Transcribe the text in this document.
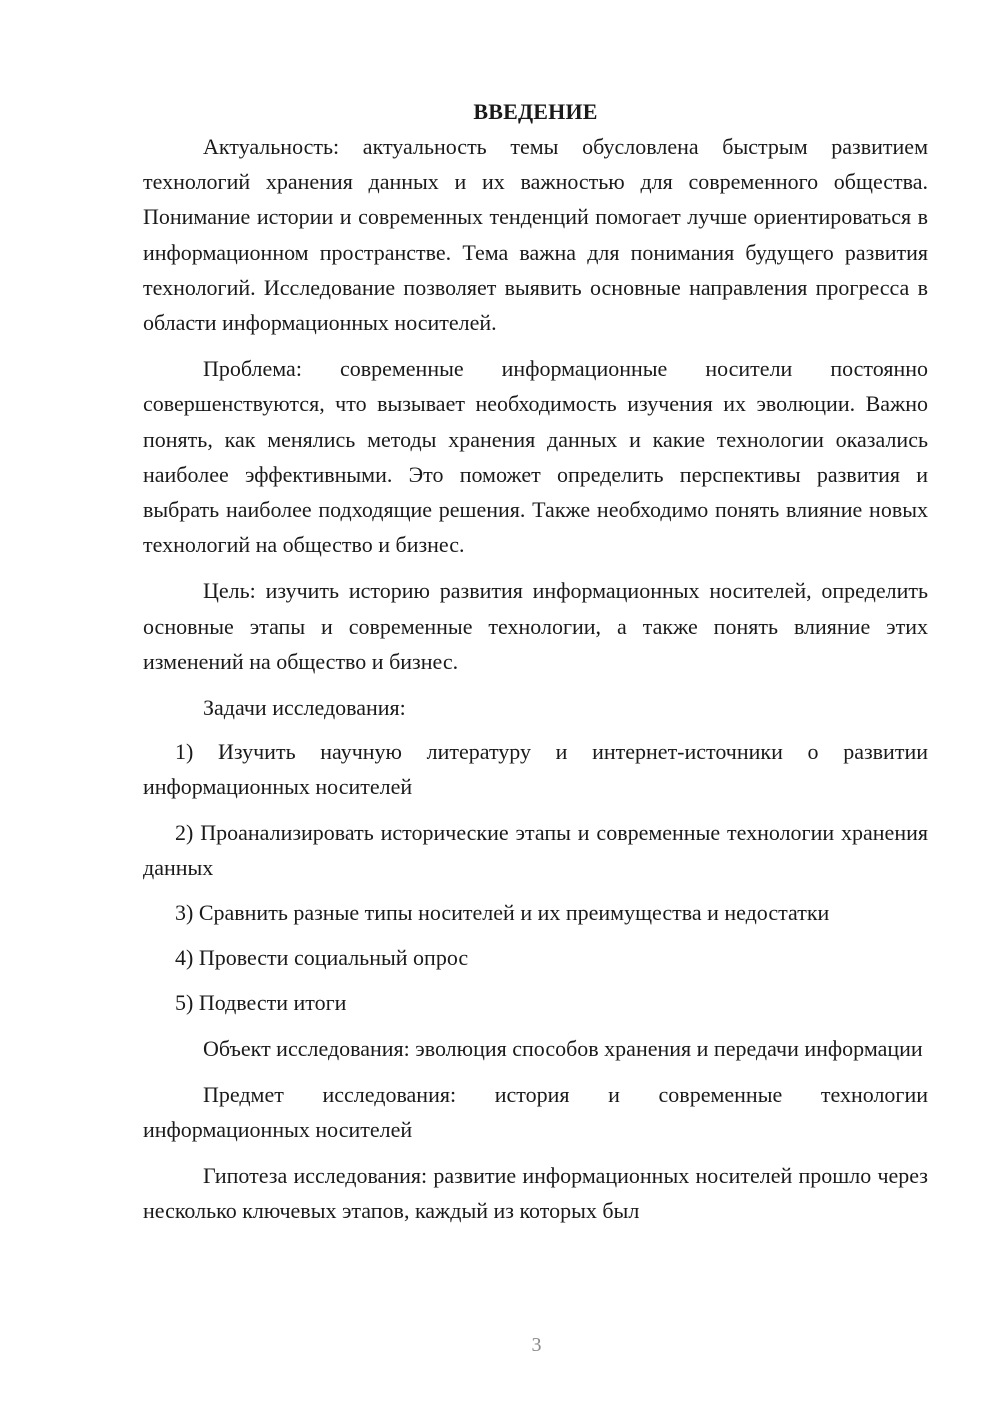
ВВЕДЕНИЕ

Актуальность: актуальность темы обусловлена быстрым развитием технологий хранения данных и их важностью для современного общества. Понимание истории и современных тенденций помогает лучше ориентироваться в информационном пространстве. Тема важна для понимания будущего развития технологий. Исследование позволяет выявить основные направления прогресса в области информационных носителей.

Проблема: современные информационные носители постоянно совершенствуются, что вызывает необходимость изучения их эволюции. Важно понять, как менялись методы хранения данных и какие технологии оказались наиболее эффективными. Это поможет определить перспективы развития и выбрать наиболее подходящие решения. Также необходимо понять влияние новых технологий на общество и бизнес.

Цель: изучить историю развития информационных носителей, определить основные этапы и современные технологии, а также понять влияние этих изменений на общество и бизнес.

Задачи исследования:

1) Изучить научную литературу и интернет-источники о развитии информационных носителей

2) Проанализировать исторические этапы и современные технологии хранения данных

3) Сравнить разные типы носителей и их преимущества и недостатки

4) Провести социальный опрос

5) Подвести итоги

Объект исследования: эволюция способов хранения и передачи информации

Предмет исследования: история и современные технологии информационных носителей

Гипотеза исследования: развитие информационных носителей прошло через несколько ключевых этапов, каждый из которых был

3
